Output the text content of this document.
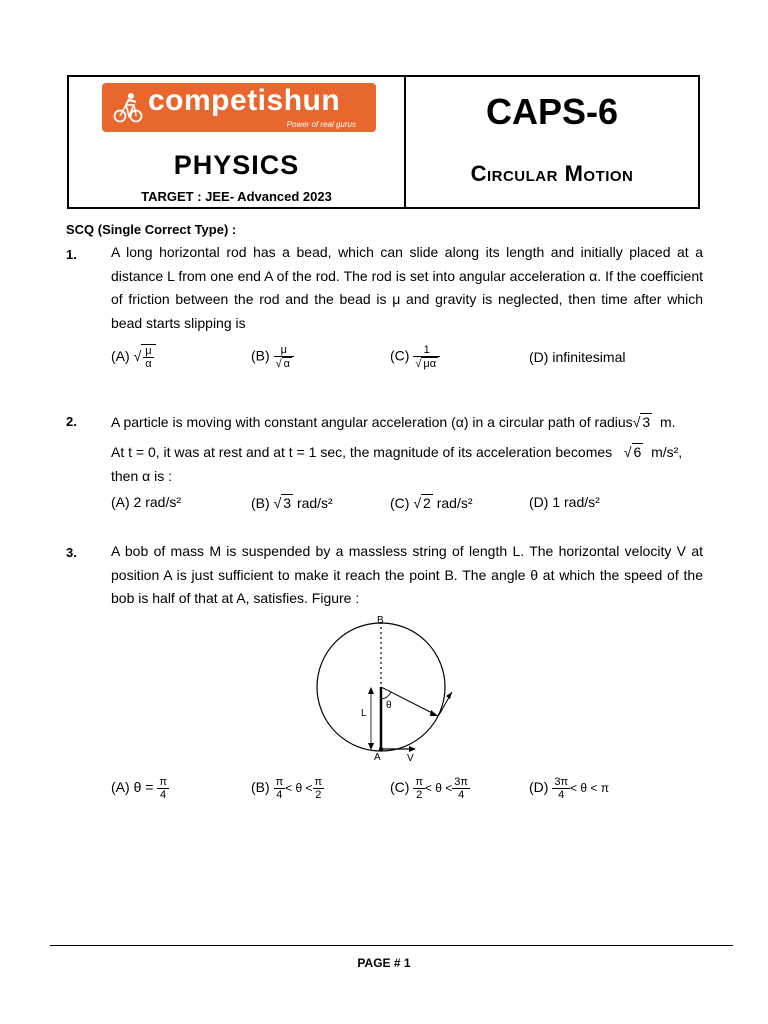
competishun
Power of real gurus
PHYSICS
TARGET : JEE- Advanced 2023
CAPS-6
Circular Motion
SCQ (Single Correct Type) :
1. A long horizontal rod has a bead, which can slide along its length and initially placed at a distance L from one end A of the rod. The rod is set into angular acceleration α. If the coefficient of friction between the rod and the bead is μ and gravity is neglected, then time after which bead starts slipping is
(A) √ $\frac{\mu}{\alpha}$	$(B) \frac{\mu}{√ \alpha}$	$(C) \frac{1}{√ \mu\alpha}$	(D) infinitesimal
2. A particle is moving with constant angular acceleration (α) in a circular path of radius√ 3 m.
At t = 0, it was at rest and at t = 1 sec, the magnitude of its acceleration becomes √ 6 m/s²,
then α is :
(A) 2 rad/s²	(B) √ 3 rad/s²	(C) √ 2 rad/s²	(D) 1 rad/s²
3. A bob of mass M is suspended by a massless string of length L. The horizontal velocity V at position A is just sufficient to make it reach the point B. The angle θ at which the speed of the bob is half of that at A, satisfies. Figure :
B
A
L
θ
V
(A) $\theta = \frac{\pi}{4}$	$(B) \frac{\pi}{4} < \theta < \frac{\pi}{2}$	$(C) \frac{\pi}{2} < \theta < \frac{3\pi}{4}$	$(D) \frac{3\pi}{4} < \theta < \pi$
PAGE # 1
